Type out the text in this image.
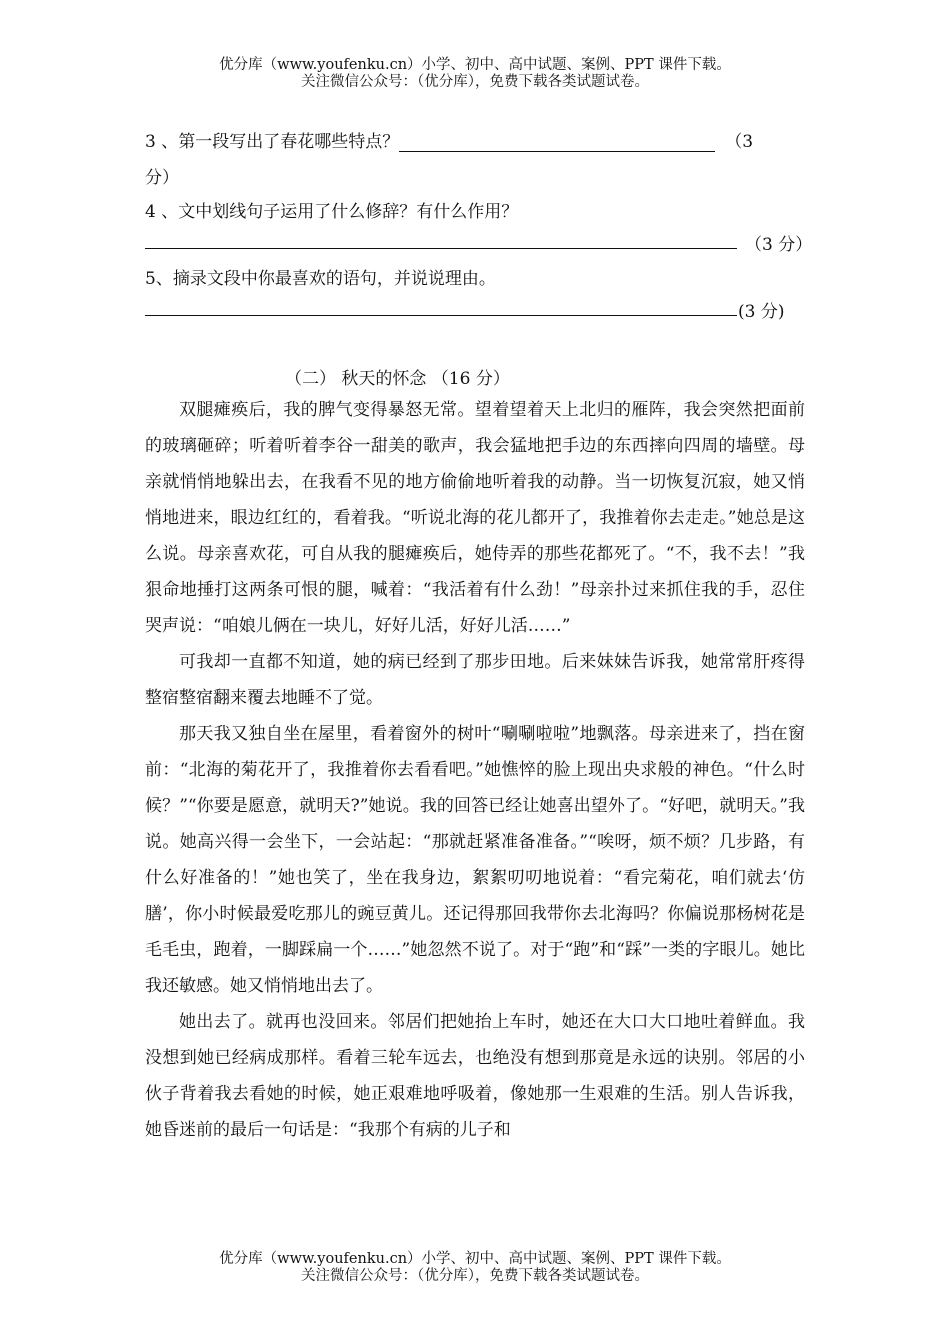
优分库（www.youfenku.cn）小学、初中、高中试题、案例、PPT 课件下载。
关注微信公众号：（优分库），免费下载各类试题试卷。
3 、第一段写出了春花哪些特点？	（3
分）
4 、文中划线句子运用了什么修辞？有什么作用？
（3 分）
5、摘录文段中你最喜欢的语句，并说说理由。
(3 分)
（二） 秋天的怀念 （16 分）

双腿瘫痪后，我的脾气变得暴怒无常。望着望着天上北归的雁阵，我会突然把面前的玻璃砸碎；听着听着李谷一甜美的歌声，我会猛地把手边的东西摔向四周的墙壁。母亲就悄悄地躲出去，在我看不见的地方偷偷地听着我的动静。当一切恢复沉寂，她又悄悄地进来，眼边红红的，看着我。“听说北海的花儿都开了，我推着你去走走。”她总是这么说。母亲喜欢花，可自从我的腿瘫痪后，她侍弄的那些花都死了。“不，我不去！”我狠命地捶打这两条可恨的腿，喊着：“我活着有什么劲！”母亲扑过来抓住我的手，忍住哭声说：“咱娘儿俩在一块儿，好好儿活，好好儿活……”

可我却一直都不知道，她的病已经到了那步田地。后来妹妹告诉我，她常常肝疼得整宿整宿翻来覆去地睡不了觉。

那天我又独自坐在屋里，看着窗外的树叶“唰唰啦啦”地飘落。母亲进来了，挡在窗前：“北海的菊花开了，我推着你去看看吧。”她憔悴的脸上现出央求般的神色。“什么时候？”“你要是愿意，就明天?”她说。我的回答已经让她喜出望外了。“好吧，就明天。”我说。她高兴得一会坐下，一会站起：“那就赶紧准备准备。”“唉呀，烦不烦？几步路，有什么好准备的！”她也笑了，坐在我身边，絮絮叨叨地说着：“看完菊花，咱们就去‘仿膳’，你小时候最爱吃那儿的豌豆黄儿。还记得那回我带你去北海吗？你偏说那杨树花是毛毛虫，跑着，一脚踩扁一个……”她忽然不说了。对于“跑”和“踩”一类的字眼儿。她比我还敏感。她又悄悄地出去了。

她出去了。就再也没回来。邻居们把她抬上车时，她还在大口大口地吐着鲜血。我没想到她已经病成那样。看着三轮车远去，也绝没有想到那竟是永远的诀别。邻居的小伙子背着我去看她的时候，她正艰难地呼吸着，像她那一生艰难的生活。别人告诉我，她昏迷前的最后一句话是：“我那个有病的儿子和

优分库（www.youfenku.cn）小学、初中、高中试题、案例、PPT 课件下载。
关注微信公众号：（优分库），免费下载各类试题试卷。
